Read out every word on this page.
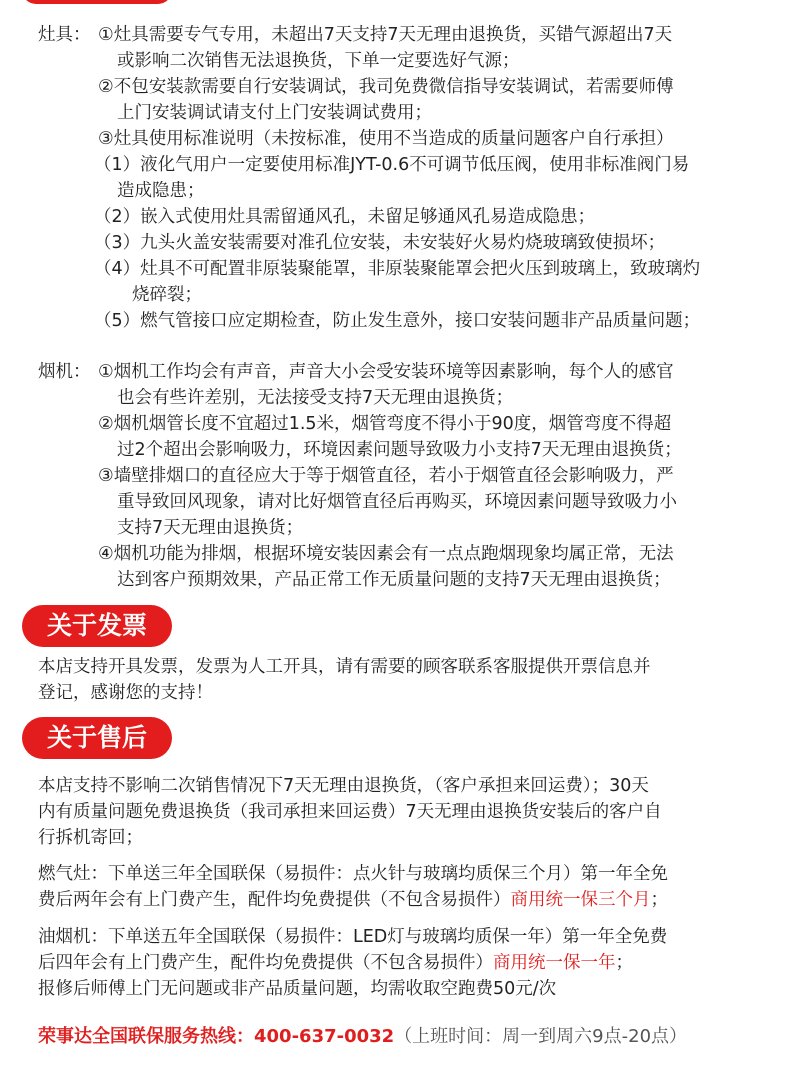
灶具： ①灶具需要专气专用，未超出7天支持7天无理由退换货，买错气源超出7天
或影响二次销售无法退换货，下单一定要选好气源；
②不包安装款需要自行安装调试，我司免费微信指导安装调试，若需要师傅
上门安装调试请支付上门安装调试费用；
③灶具使用标准说明（未按标准，使用不当造成的质量问题客户自行承担）
（1）液化气用户一定要使用标准JYT-0.6不可调节低压阀，使用非标准阀门易
造成隐患；
（2）嵌入式使用灶具需留通风孔，未留足够通风孔易造成隐患；
（3）九头火盖安装需要对准孔位安装，未安装好火易灼烧玻璃致使损坏；
（4）灶具不可配置非原装聚能罩，非原装聚能罩会把火压到玻璃上，致玻璃灼
烧碎裂；
（5）燃气管接口应定期检查，防止发生意外，接口安装问题非产品质量问题；
烟机： ①烟机工作均会有声音，声音大小会受安装环境等因素影响，每个人的感官
也会有些许差别，无法接受支持7天无理由退换货；
②烟机烟管长度不宜超过1.5米，烟管弯度不得小于90度，烟管弯度不得超
过2个超出会影响吸力，环境因素问题导致吸力小支持7天无理由退换货；
③墙壁排烟口的直径应大于等于烟管直径，若小于烟管直径会影响吸力，严
重导致回风现象，请对比好烟管直径后再购买，环境因素问题导致吸力小
支持7天无理由退换货；
④烟机功能为排烟，根据环境安装因素会有一点点跑烟现象均属正常，无法
达到客户预期效果，产品正常工作无质量问题的支持7天无理由退换货；
关于发票
本店支持开具发票，发票为人工开具，请有需要的顾客联系客服提供开票信息并
登记，感谢您的支持！
关于售后
本店支持不影响二次销售情况下7天无理由退换货，（客户承担来回运费）；30天
内有质量问题免费退换货（我司承担来回运费）7天无理由退换货安装后的客户自
行拆机寄回；
燃气灶：下单送三年全国联保（易损件：点火针与玻璃均质保三个月）第一年全免
费后两年会有上门费产生，配件均免费提供（不包含易损件）商用统一保三个月；
油烟机：下单送五年全国联保（易损件：LED灯与玻璃均质保一年）第一年全免费
后四年会有上门费产生，配件均免费提供（不包含易损件）商用统一保一年；
报修后师傅上门无问题或非产品质量问题，均需收取空跑费50元/次
荣事达全国联保服务热线：400-637-0032（上班时间：周一到周六9点-20点）
